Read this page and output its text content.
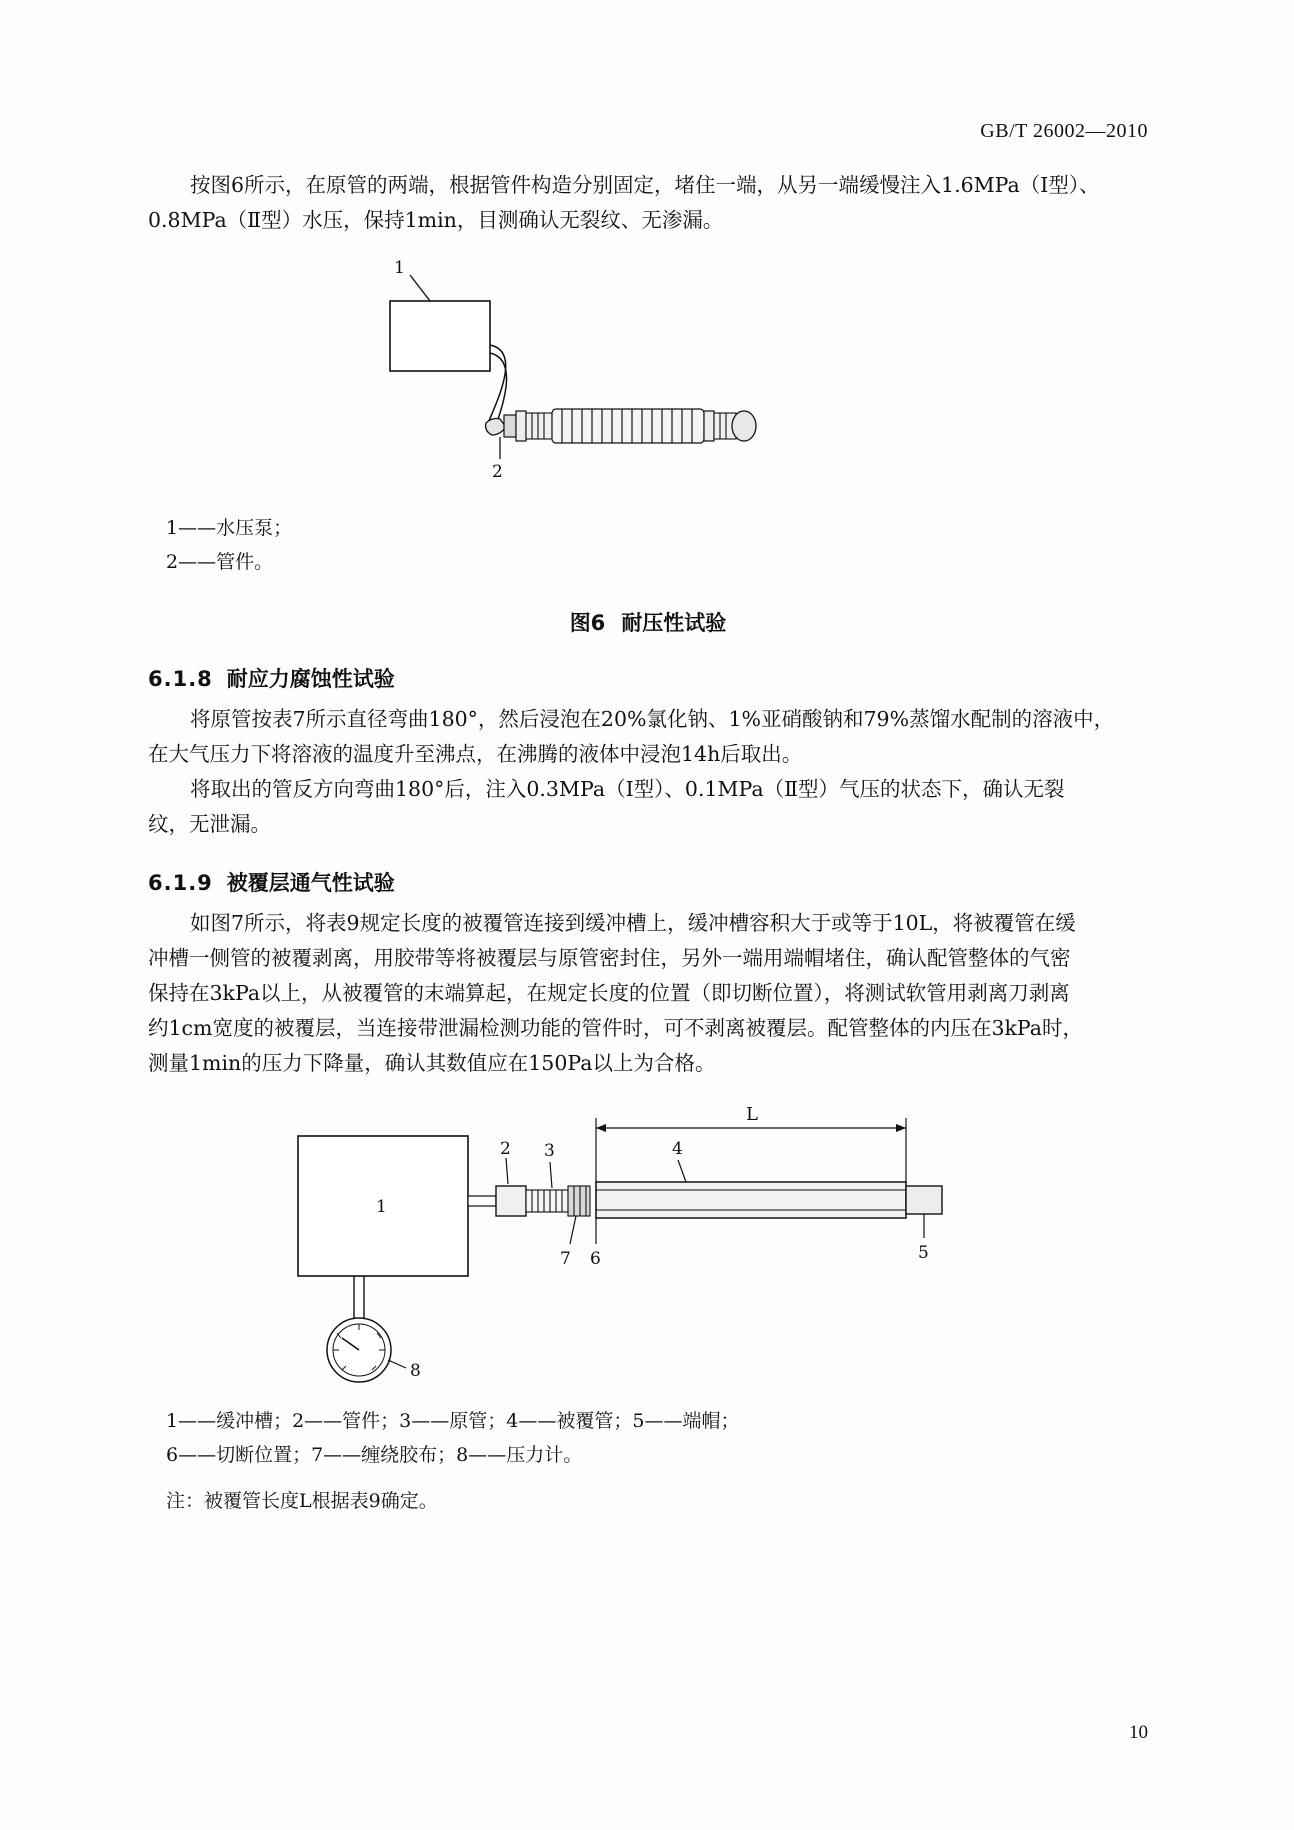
GB/T 26002—2010

按图6所示，在原管的两端，根据管件构造分别固定，堵住一端，从另一端缓慢注入1.6MPa（Ⅰ型）、

0.8MPa（Ⅱ型）水压，保持1min，目测确认无裂纹、无渗漏。

1
2
1——水压泵；
2——管件。
图6 耐压性试验
6.1.8 耐应力腐蚀性试验

将原管按表7所示直径弯曲180°，然后浸泡在20%氯化钠、1%亚硝酸钠和79%蒸馏水配制的溶液中，

在大气压力下将溶液的温度升至沸点，在沸腾的液体中浸泡14h后取出。

将取出的管反方向弯曲180°后，注入0.3MPa（Ⅰ型）、0.1MPa（Ⅱ型）气压的状态下，确认无裂

纹，无泄漏。

6.1.9 被覆层通气性试验

如图7所示，将表9规定长度的被覆管连接到缓冲槽上，缓冲槽容积大于或等于10L，将被覆管在缓

冲槽一侧管的被覆剥离，用胶带等将被覆层与原管密封住，另外一端用端帽堵住，确认配管整体的气密

保持在3kPa以上，从被覆管的末端算起，在规定长度的位置（即切断位置），将测试软管用剥离刀剥离

约1cm宽度的被覆层，当连接带泄漏检测功能的管件时，可不剥离被覆层。配管整体的内压在3kPa时，

测量1min的压力下降量，确认其数值应在150Pa以上为合格。

L
1
2 3
7 6
4
5
8
1——缓冲槽；2——管件；3——原管；4——被覆管；5——端帽；
6——切断位置；7——缠绕胶布；8——压力计。
注：被覆管长度L根据表9确定。
10
